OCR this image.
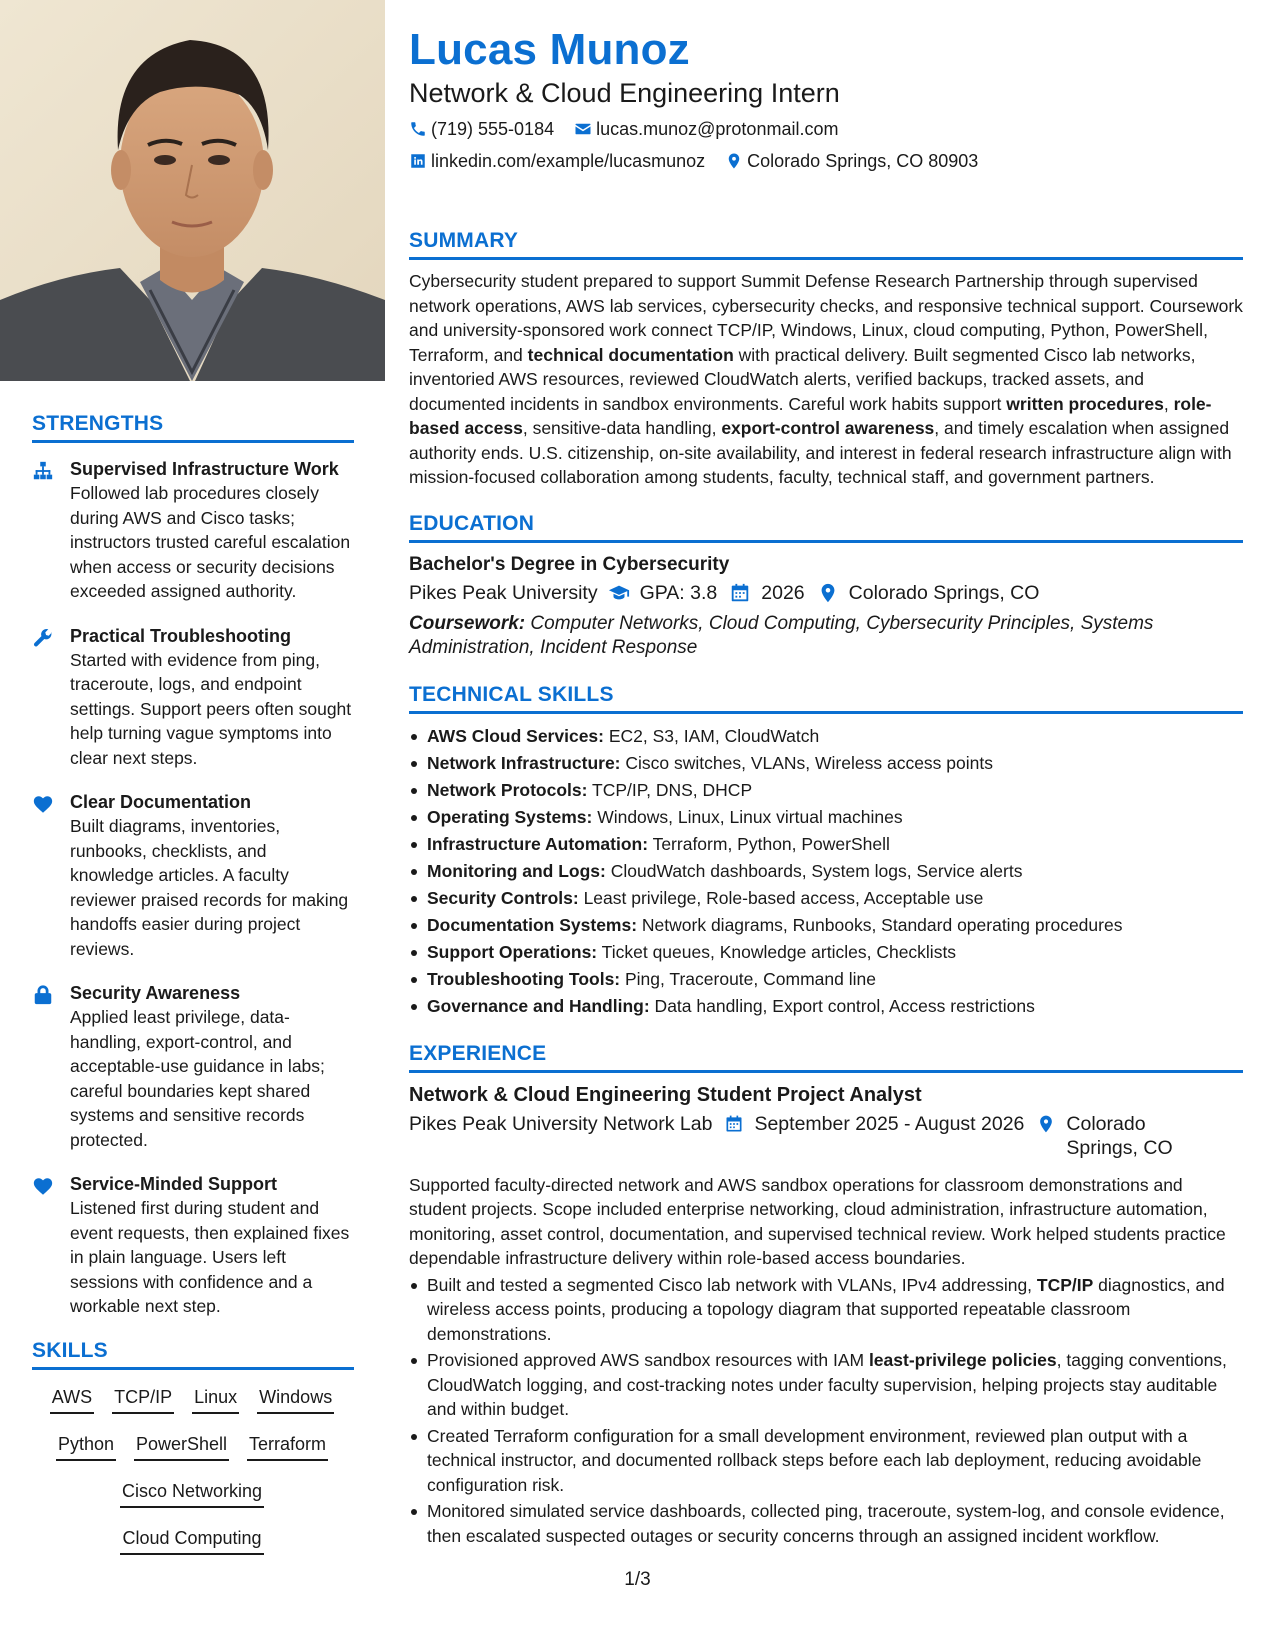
STRENGTHS
Supervised Infrastructure Work
Followed lab procedures closely during AWS and Cisco tasks; instructors trusted careful escalation when access or security decisions exceeded assigned authority.
Practical Troubleshooting
Started with evidence from ping, traceroute, logs, and endpoint settings. Support peers often sought help turning vague symptoms into clear next steps.
Clear Documentation
Built diagrams, inventories, runbooks, checklists, and knowledge articles. A faculty reviewer praised records for making handoffs easier during project reviews.
Security Awareness
Applied least privilege, data-handling, export-control, and acceptable-use guidance in labs; careful boundaries kept shared systems and sensitive records protected.
Service-Minded Support
Listened first during student and event requests, then explained fixes in plain language. Users left sessions with confidence and a workable next step.
SKILLS
AWS TCP/IP Linux Windows
Python PowerShell Terraform
Cisco Networking
Cloud Computing
Lucas Munoz
Network & Cloud Engineering Intern
(719) 555-0184 lucas.munoz@protonmail.com
linkedin.com/example/lucasmunoz Colorado Springs, CO 80903
SUMMARY

Cybersecurity student prepared to support Summit Defense Research Partnership through supervised network operations, AWS lab services, cybersecurity checks, and responsive technical support. Coursework and university-sponsored work connect TCP/IP, Windows, Linux, cloud computing, Python, PowerShell, Terraform, and technical documentation with practical delivery. Built segmented Cisco lab networks, inventoried AWS resources, reviewed CloudWatch alerts, verified backups, tracked assets, and documented incidents in sandbox environments. Careful work habits support written procedures, role-based access, sensitive-data handling, export-control awareness, and timely escalation when assigned authority ends. U.S. citizenship, on-site availability, and interest in federal research infrastructure align with mission-focused collaboration among students, faculty, technical staff, and government partners.

EDUCATION
Bachelor's Degree in Cybersecurity
Pikes Peak University GPA: 3.8 2026 Colorado Springs, CO

Coursework: Computer Networks, Cloud Computing, Cybersecurity Principles, Systems Administration, Incident Response

TECHNICAL SKILLS
AWS Cloud Services: EC2, S3, IAM, CloudWatch
Network Infrastructure: Cisco switches, VLANs, Wireless access points
Network Protocols: TCP/IP, DNS, DHCP
Operating Systems: Windows, Linux, Linux virtual machines
Infrastructure Automation: Terraform, Python, PowerShell
Monitoring and Logs: CloudWatch dashboards, System logs, Service alerts
Security Controls: Least privilege, Role-based access, Acceptable use
Documentation Systems: Network diagrams, Runbooks, Standard operating procedures
Support Operations: Ticket queues, Knowledge articles, Checklists
Troubleshooting Tools: Ping, Traceroute, Command line
Governance and Handling: Data handling, Export control, Access restrictions
EXPERIENCE
Network & Cloud Engineering Student Project Analyst
Pikes Peak University Network Lab September 2025 - August 2026 Colorado Springs, CO

Supported faculty-directed network and AWS sandbox operations for classroom demonstrations and student projects. Scope included enterprise networking, cloud administration, infrastructure automation, monitoring, asset control, documentation, and supervised technical review. Work helped students practice dependable infrastructure delivery within role-based access boundaries.

Built and tested a segmented Cisco lab network with VLANs, IPv4 addressing, TCP/IP diagnostics, and wireless access points, producing a topology diagram that supported repeatable classroom demonstrations.
Provisioned approved AWS sandbox resources with IAM least-privilege policies, tagging conventions, CloudWatch logging, and cost-tracking notes under faculty supervision, helping projects stay auditable and within budget.
Created Terraform configuration for a small development environment, reviewed plan output with a technical instructor, and documented rollback steps before each lab deployment, reducing avoidable configuration risk.
Monitored simulated service dashboards, collected ping, traceroute, system-log, and console evidence, then escalated suspected outages or security concerns through an assigned incident workflow.
1/3
